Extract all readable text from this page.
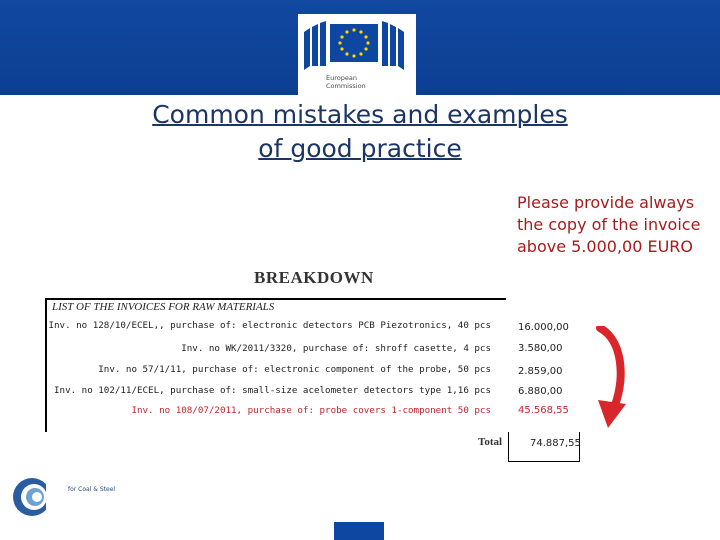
European
Commission
Common mistakes and examples
of good practice
Please provide always the copy of the invoice above 5.000,00 EURO
BREAKDOWN
LIST OF THE INVOICES FOR RAW MATERIALS
Inv. no 128/10/ECEL,, purchase of: electronic detectors PCB Piezotronics, 40 pcs
Inv. no WK/2011/3320, purchase of: shroff casette, 4 pcs
Inv. no 57/1/11, purchase of: electronic component of the probe, 50 pcs
Inv. no 102/11/ECEL, purchase of: small-size acelometer detectors type 1,16 pcs
Inv. no 108/07/2011, purchase of: probe covers 1-component 50 pcs
16.000,00
3.580,00
2.859,00
6.880,00
45.568,55
Total	74.887,55
for Coal & Steel
